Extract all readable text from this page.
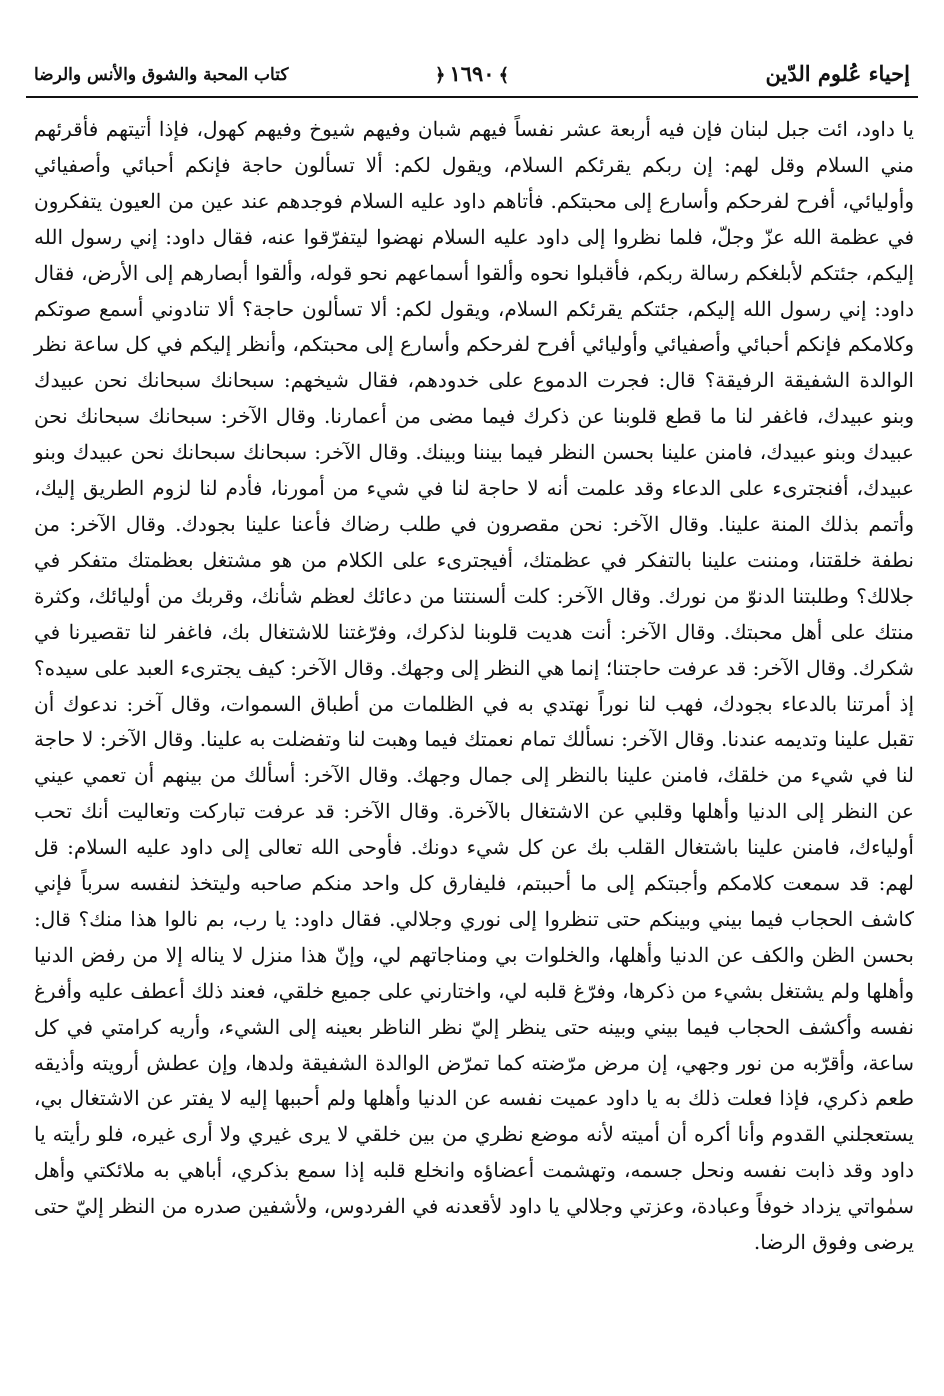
إحياء عُلوم الدّين
﴾١٦٩٠﴿
كتاب المحبة والشوق والأنس والرضا

يا داود، ائت جبل لبنان فإن فيه أربعة عشر نفساً فيهم شبان وفيهم شيوخ وفيهم كهول، فإذا أتيتهم فأقرئهم مني السلام وقل لهم: إن ربكم يقرئكم السلام، ويقول لكم: ألا تسألون حاجة فإنكم أحبائي وأصفيائي وأوليائي، أفرح لفرحكم وأسارع إلى محبتكم. فأتاهم داود عليه السلام فوجدهم عند عين من العيون يتفكرون في عظمة الله عزّ وجلّ، فلما نظروا إلى داود عليه السلام نهضوا ليتفرّقوا عنه، فقال داود: إني رسول الله إليكم، جئتكم لأبلغكم رسالة ربكم، فأقبلوا نحوه وألقوا أسماعهم نحو قوله، وألقوا أبصارهم إلى الأرض، فقال داود: إني رسول الله إليكم، جئتكم يقرئكم السلام، ويقول لكم: ألا تسألون حاجة؟ ألا تنادوني أسمع صوتكم وكلامكم فإنكم أحبائي وأصفيائي وأوليائي أفرح لفرحكم وأسارع إلى محبتكم، وأنظر إليكم في كل ساعة نظر الوالدة الشفيقة الرفيقة؟ قال: فجرت الدموع على خدودهم، فقال شيخهم: سبحانك سبحانك نحن عبيدك وبنو عبيدك، فاغفر لنا ما قطع قلوبنا عن ذكرك فيما مضى من أعمارنا. وقال الآخر: سبحانك سبحانك نحن عبيدك وبنو عبيدك، فامنن علينا بحسن النظر فيما بيننا وبينك. وقال الآخر: سبحانك سبحانك نحن عبيدك وبنو عبيدك، أفنجترىء على الدعاء وقد علمت أنه لا حاجة لنا في شيء من أمورنا، فأدم لنا لزوم الطريق إليك، وأتمم بذلك المنة علينا. وقال الآخر: نحن مقصرون في طلب رضاك فأعنا علينا بجودك. وقال الآخر: من نطفة خلقتنا، ومننت علينا بالتفكر في عظمتك، أفيجترىء على الكلام من هو مشتغل بعظمتك متفكر في جلالك؟ وطلبتنا الدنوّ من نورك. وقال الآخر: كلت ألسنتنا من دعائك لعظم شأنك، وقربك من أوليائك، وكثرة منتك على أهل محبتك. وقال الآخر: أنت هديت قلوبنا لذكرك، وفرّغتنا للاشتغال بك، فاغفر لنا تقصيرنا في شكرك. وقال الآخر: قد عرفت حاجتنا؛ إنما هي النظر إلى وجهك. وقال الآخر: كيف يجترىء العبد على سيده؟ إذ أمرتنا بالدعاء بجودك، فهب لنا نوراً نهتدي به في الظلمات من أطباق السموات، وقال آخر: ندعوك أن تقبل علينا وتديمه عندنا. وقال الآخر: نسألك تمام نعمتك فيما وهبت لنا وتفضلت به علينا. وقال الآخر: لا حاجة لنا في شيء من خلقك، فامنن علينا بالنظر إلى جمال وجهك. وقال الآخر: أسألك من بينهم أن تعمي عيني عن النظر إلى الدنيا وأهلها وقلبي عن الاشتغال بالآخرة. وقال الآخر: قد عرفت تباركت وتعاليت أنك تحب أولياءك، فامنن علينا باشتغال القلب بك عن كل شيء دونك. فأوحى الله تعالى إلى داود عليه السلام: قل لهم: قد سمعت كلامكم وأجبتكم إلى ما أحببتم، فليفارق كل واحد منكم صاحبه وليتخذ لنفسه سرباً فإني كاشف الحجاب فيما بيني وبينكم حتى تنظروا إلى نوري وجلالي. فقال داود: يا رب، بم نالوا هذا منك؟ قال: بحسن الظن والكف عن الدنيا وأهلها، والخلوات بي ومناجاتهم لي، وإنّ هذا منزل لا يناله إلا من رفض الدنيا وأهلها ولم يشتغل بشيء من ذكرها، وفرّغ قلبه لي، واختارني على جميع خلقي، فعند ذلك أعطف عليه وأفرغ نفسه وأكشف الحجاب فيما بيني وبينه حتى ينظر إليّ نظر الناظر بعينه إلى الشيء، وأريه كرامتي في كل ساعة، وأقرّبه من نور وجهي، إن مرض مرّضته كما تمرّض الوالدة الشفيقة ولدها، وإن عطش أرويته وأذيقه طعم ذكري، فإذا فعلت ذلك به يا داود عميت نفسه عن الدنيا وأهلها ولم أحببها إليه لا يفتر عن الاشتغال بي، يستعجلني القدوم وأنا أكره أن أميته لأنه موضع نظري من بين خلقي لا يرى غيري ولا أرى غيره، فلو رأيته يا داود وقد ذابت نفسه ونحل جسمه، وتهشمت أعضاؤه وانخلع قلبه إذا سمع بذكري، أباهي به ملائكتي وأهل سمٰواتي يزداد خوفاً وعبادة، وعزتي وجلالي يا داود لأقعدنه في الفردوس، ولأشفين صدره من النظر إليّ حتى يرضى وفوق الرضا.
